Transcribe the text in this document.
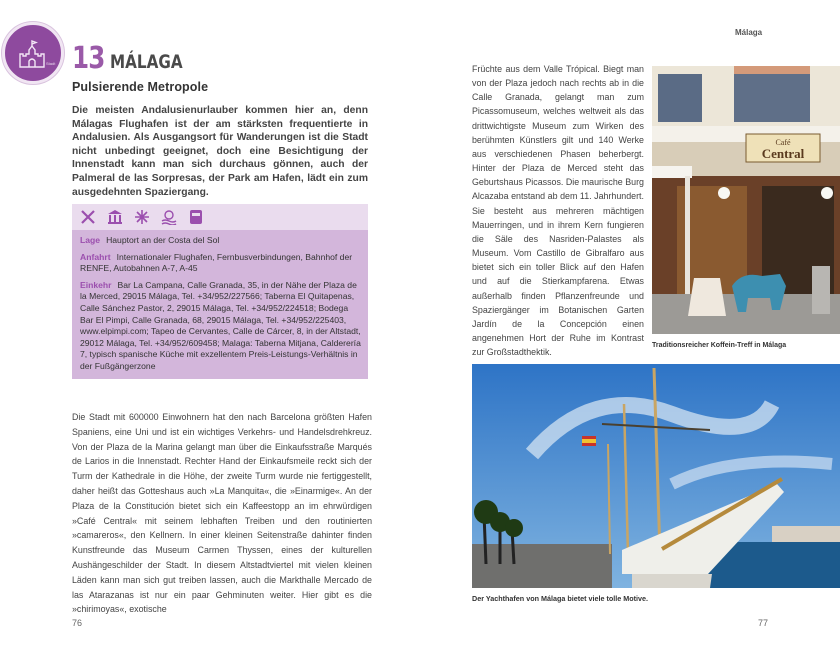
Stadt 13 MÁLAGA
Pulsierende Metropole

Die meisten Andalusienurlauber kommen hier an, denn Málagas Flughafen ist der am stärksten frequentierte in Andalusien. Als Ausgangsort für Wanderungen ist die Stadt nicht unbedingt geeignet, doch eine Besichtigung der Innenstadt kann man sich durchaus gönnen, auch der Palmeral de las Sorpresas, der Park am Hafen, lädt ein zum ausgedehnten Spaziergang.

Lage Hauptort an der Costa del Sol

Anfahrt Internationaler Flughafen, Fernbusverbindungen, Bahnhof der RENFE, Autobahnen A-7, A-45

Einkehr Bar La Campana, Calle Granada, 35, in der Nähe der Plaza de la Merced, 29015 Málaga, Tel. +34/952/227566; Taberna El Quitapenas, Calle Sánchez Pastor, 2, 29015 Málaga, Tel. +34/952/224518; Bodega Bar El Pimpi, Calle Granada, 68, 29015 Málaga, Tel. +34/952/225403, www.elpimpi.com; Tapeo de Cervantes, Calle de Cárcer, 8, in der Altstadt, 29012 Málaga, Tel. +34/952/609458; Malaga: Taberna Mitjana, Calderería 7, typisch spanische Küche mit exzellentem Preis-Leistungs-Verhältnis in der Fußgängerzone

Die Stadt mit 600000 Einwohnern hat den nach Barcelona größten Hafen Spaniens, eine Uni und ist ein wichtiges Verkehrs- und Handelsdrehkreuz. Von der Plaza de la Marina gelangt man über die Einkaufsstraße Marqués de Larios in die Innenstadt. Rechter Hand der Einkaufsmeile reckt sich der Turm der Kathedrale in die Höhe, der zweite Turm wurde nie fertiggestellt, daher heißt das Gotteshaus auch »La Manquita«, die »Einarmige«. An der Plaza de la Constitución bietet sich ein Kaffeestopp an im ehrwürdigen »Café Central« mit seinem lebhaften Treiben und den routinierten »camareros«, den Kellnern. In einer kleinen Seitenstraße dahinter finden Kunstfreunde das Museum Carmen Thyssen, eines der kulturellen Aushängeschilder der Stadt. In diesem Altstadtviertel mit vielen kleinen Läden kann man sich gut treiben lassen, auch die Markthalle Mercado de las Atarazanas ist nur ein paar Gehminuten weiter. Hier gibt es die »chirimoyas«, exotische

76
Málaga

Früchte aus dem Valle Trópical. Biegt man von der Plaza jedoch nach rechts ab in die Calle Granada, gelangt man zum Picassomuseum, welches weltweit als das drittwichtigste Museum zum Wirken des berühmten Künstlers gilt und 140 Werke aus verschiedenen Phasen beherbergt. Hinter der Plaza de Merced steht das Geburtshaus Picassos. Die maurische Burg Alcazaba entstand ab dem 11. Jahrhundert. Sie besteht aus mehreren mächtigen Mauerringen, und in ihrem Kern fungieren die Säle des Nasriden-Palastes als Museum. Vom Castillo de Gibralfaro aus bietet sich ein toller Blick auf den Hafen und auf die Stierkampfarena. Etwas außerhalb finden Pflanzenfreunde und Spaziergänger im Botanischen Garten Jardín de la Concepción einen angenehmen Hort der Ruhe im Kontrast zur Großstadthektik.

Café
Central
Traditionsreicher Koffein-Treff in Málaga
Der Yachthafen von Málaga bietet viele tolle Motive.
77
